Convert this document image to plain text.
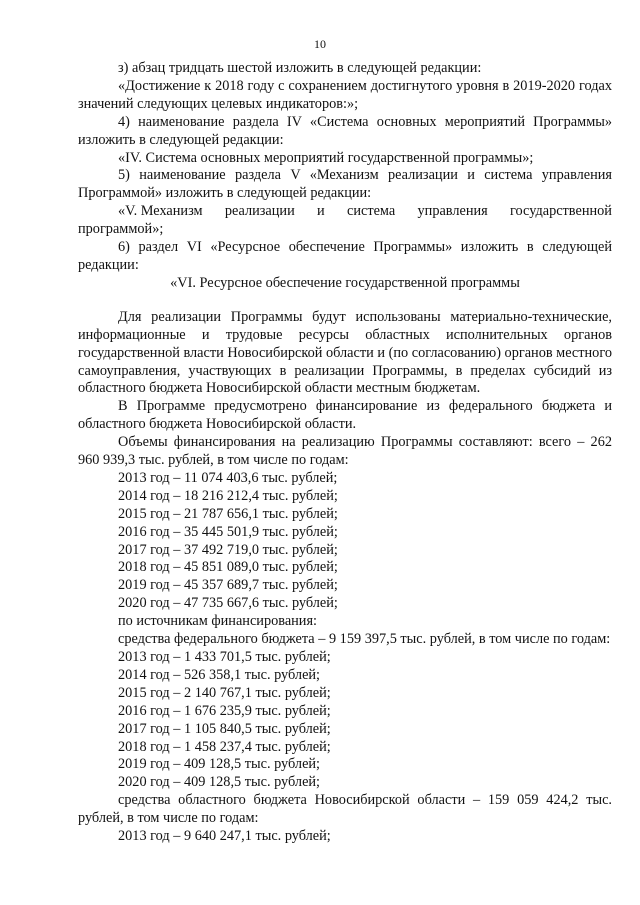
10

з) абзац тридцать шестой изложить в следующей редакции:

«Достижение к 2018 году с сохранением достигнутого уровня в 2019-2020 годах значений следующих целевых индикаторов:»;

4) наименование раздела IV «Система основных мероприятий Программы» изложить в следующей редакции:

«IV. Система основных мероприятий государственной программы»;

5) наименование раздела V «Механизм реализации и система управления Программой» изложить в следующей редакции:

«V. Механизм реализации и система управления государственной
программой»;

6) раздел VI «Ресурсное обеспечение Программы» изложить в следующей редакции:

«VI. Ресурсное обеспечение государственной программы

Для реализации Программы будут использованы материально-технические, информационные и трудовые ресурсы областных исполнительных органов государственной власти Новосибирской области и (по согласованию) органов местного самоуправления, участвующих в реализации Программы, в пределах субсидий из областного бюджета Новосибирской области местным бюджетам.

В Программе предусмотрено финансирование из федерального бюджета и областного бюджета Новосибирской области.

Объемы финансирования на реализацию Программы составляют: всего – 262 960 939,3 тыс. рублей, в том числе по годам:

2013 год – 11 074 403,6 тыс. рублей;

2014 год – 18 216 212,4 тыс. рублей;

2015 год – 21 787 656,1 тыс. рублей;

2016 год – 35 445 501,9 тыс. рублей;

2017 год – 37 492 719,0 тыс. рублей;

2018 год – 45 851 089,0 тыс. рублей;

2019 год – 45 357 689,7 тыс. рублей;

2020 год – 47 735 667,6 тыс. рублей;

по источникам финансирования:

средства федерального бюджета – 9 159 397,5 тыс. рублей, в том числе по годам:

2013 год – 1 433 701,5 тыс. рублей;

2014 год – 526 358,1 тыс. рублей;

2015 год – 2 140 767,1 тыс. рублей;

2016 год – 1 676 235,9 тыс. рублей;

2017 год – 1 105 840,5 тыс. рублей;

2018 год – 1 458 237,4 тыс. рублей;

2019 год – 409 128,5 тыс. рублей;

2020 год – 409 128,5 тыс. рублей;

средства областного бюджета Новосибирской области – 159 059 424,2 тыс. рублей, в том числе по годам:

2013 год – 9 640 247,1 тыс. рублей;
